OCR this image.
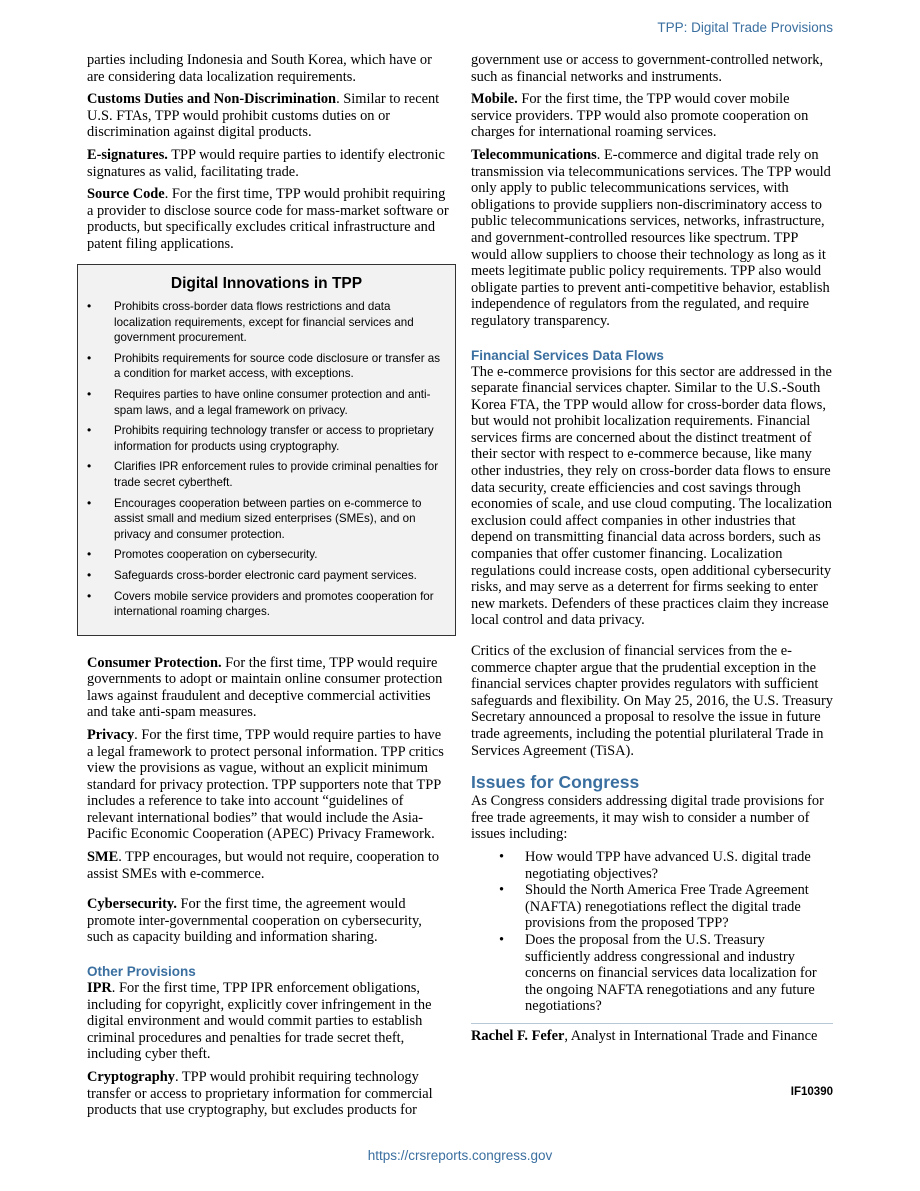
TPP: Digital Trade Provisions

parties including Indonesia and South Korea, which have or are considering data localization requirements.

Customs Duties and Non-Discrimination. Similar to recent U.S. FTAs, TPP would prohibit customs duties on or discrimination against digital products.

E-signatures. TPP would require parties to identify electronic signatures as valid, facilitating trade.

Source Code. For the first time, TPP would prohibit requiring a provider to disclose source code for mass-market software or products, but specifically excludes critical infrastructure and patent filing applications.

Consumer Protection. For the first time, TPP would require governments to adopt or maintain online consumer protection laws against fraudulent and deceptive commercial activities and take anti-spam measures.

Privacy. For the first time, TPP would require parties to have a legal framework to protect personal information. TPP critics view the provisions as vague, without an explicit minimum standard for privacy protection. TPP supporters note that TPP includes a reference to take into account “guidelines of relevant international bodies” that would include the Asia-Pacific Economic Cooperation (APEC) Privacy Framework.

SME. TPP encourages, but would not require, cooperation to assist SMEs with e-commerce.

Cybersecurity. For the first time, the agreement would promote inter-governmental cooperation on cybersecurity, such as capacity building and information sharing.

Other Provisions

IPR. For the first time, TPP IPR enforcement obligations, including for copyright, explicitly cover infringement in the digital environment and would commit parties to establish criminal procedures and penalties for trade secret theft, including cyber theft.

Cryptography. TPP would prohibit requiring technology transfer or access to proprietary information for commercial products that use cryptography, but excludes products for

Digital Innovations in TPP
• Prohibits cross-border data flows restrictions and data localization requirements, except for financial services and government procurement.
• Prohibits requirements for source code disclosure or transfer as a condition for market access, with exceptions.
• Requires parties to have online consumer protection and anti-spam laws, and a legal framework on privacy.
• Prohibits requiring technology transfer or access to proprietary information for products using cryptography.
• Clarifies IPR enforcement rules to provide criminal penalties for trade secret cybertheft.
• Encourages cooperation between parties on e-commerce to assist small and medium sized enterprises (SMEs), and on privacy and consumer protection.
• Promotes cooperation on cybersecurity.
• Safeguards cross-border electronic card payment services.
• Covers mobile service providers and promotes cooperation for international roaming charges.

government use or access to government-controlled network, such as financial networks and instruments.

Mobile. For the first time, the TPP would cover mobile service providers. TPP would also promote cooperation on charges for international roaming services.

Telecommunications. E-commerce and digital trade rely on transmission via telecommunications services. The TPP would only apply to public telecommunications services, with obligations to provide suppliers non-discriminatory access to public telecommunications services, networks, infrastructure, and government-controlled resources like spectrum. TPP would allow suppliers to choose their technology as long as it meets legitimate public policy requirements. TPP also would obligate parties to prevent anti-competitive behavior, establish independence of regulators from the regulated, and require regulatory transparency.

Financial Services Data Flows

The e-commerce provisions for this sector are addressed in the separate financial services chapter. Similar to the U.S.-South Korea FTA, the TPP would allow for cross-border data flows, but would not prohibit localization requirements. Financial services firms are concerned about the distinct treatment of their sector with respect to e-commerce because, like many other industries, they rely on cross-border data flows to ensure data security, create efficiencies and cost savings through economies of scale, and use cloud computing. The localization exclusion could affect companies in other industries that depend on transmitting financial data across borders, such as companies that offer customer financing. Localization regulations could increase costs, open additional cybersecurity risks, and may serve as a deterrent for firms seeking to enter new markets. Defenders of these practices claim they increase local control and data privacy.

Critics of the exclusion of financial services from the e-commerce chapter argue that the prudential exception in the financial services chapter provides regulators with sufficient safeguards and flexibility. On May 25, 2016, the U.S. Treasury Secretary announced a proposal to resolve the issue in future trade agreements, including the potential plurilateral Trade in Services Agreement (TiSA).

Issues for Congress

As Congress considers addressing digital trade provisions for free trade agreements, it may wish to consider a number of issues including:

• How would TPP have advanced U.S. digital trade negotiating objectives?
• Should the North America Free Trade Agreement (NAFTA) renegotiations reflect the digital trade provisions from the proposed TPP?
• Does the proposal from the U.S. Treasury sufficiently address congressional and industry concerns on financial services data localization for the ongoing NAFTA renegotiations and any future negotiations?
Rachel F. Fefer, Analyst in International Trade and Finance
IF10390
https://crsreports.congress.gov
